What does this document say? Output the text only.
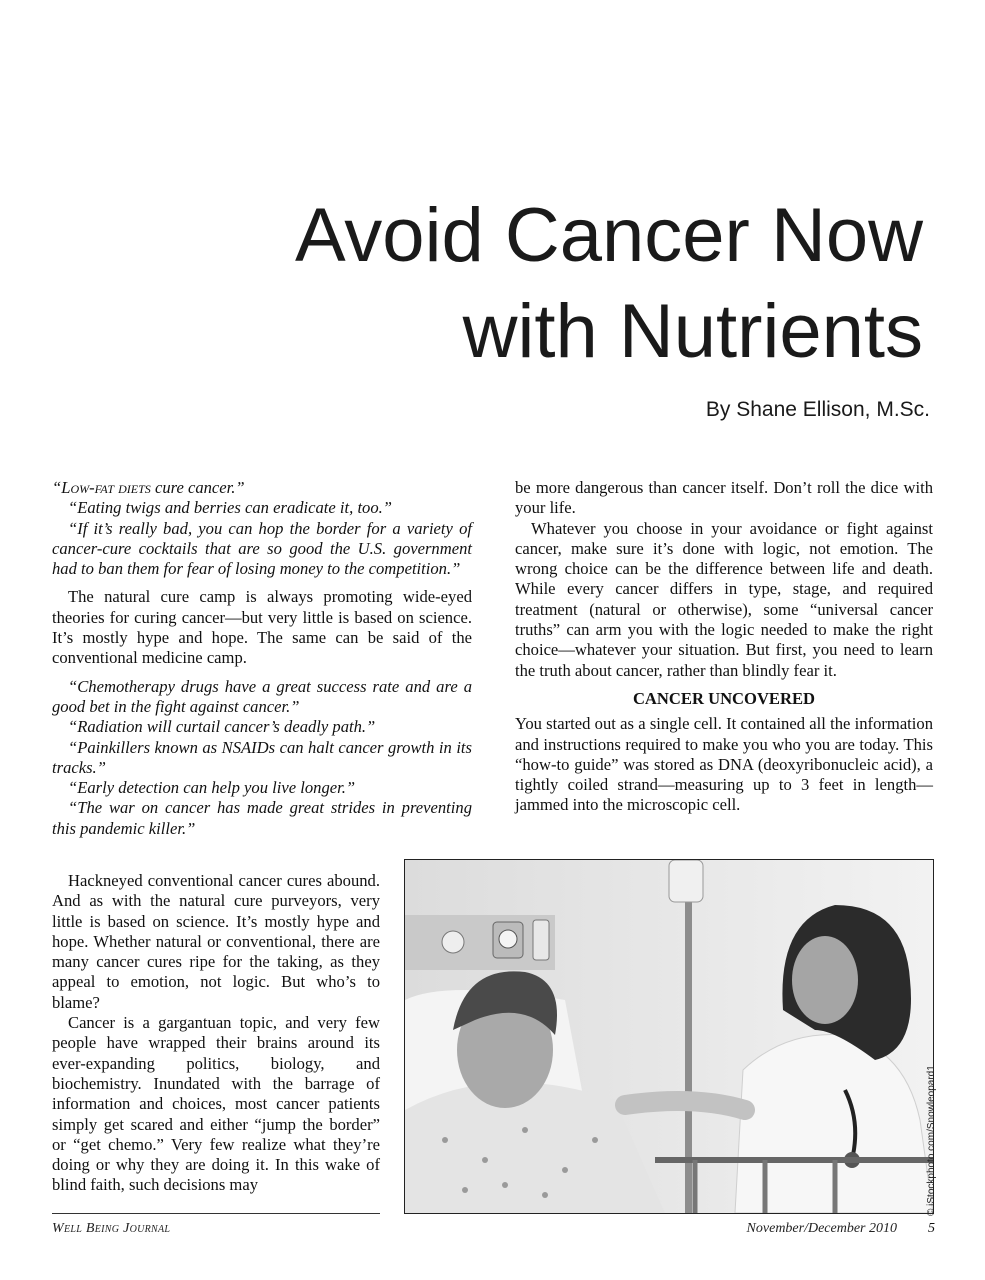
Avoid Cancer Now
with Nutrients
By Shane Ellison, M.Sc.

“Low-fat diets cure cancer.”

“Eating twigs and berries can eradicate it, too.”

“If it’s really bad, you can hop the border for a variety of cancer-cure cocktails that are so good the U.S. government had to ban them for fear of losing money to the competition.”

The natural cure camp is always promoting wide-eyed theories for curing cancer—but very little is based on science. It’s mostly hype and hope. The same can be said of the conventional medicine camp.

“Chemotherapy drugs have a great success rate and are a good bet in the fight against cancer.”

“Radiation will curtail cancer’s deadly path.”

“Painkillers known as NSAIDs can halt cancer growth in its tracks.”

“Early detection can help you live longer.”

“The war on cancer has made great strides in preventing this pandemic killer.”

Hackneyed conventional cancer cures abound. And as with the natural cure purveyors, very little is based on science. It’s mostly hype and hope. Whether natural or conventional, there are many cancer cures ripe for the taking, as they appeal to emotion, not logic. But who’s to blame?

Cancer is a gargantuan topic, and very few people have wrapped their brains around its ever-expanding politics, biology, and biochemistry. Inundated with the barrage of information and choices, most cancer patients simply get scared and either “jump the border” or “get chemo.” Very few realize what they’re doing or why they are doing it. In this wake of blind faith, such decisions may

be more dangerous than cancer itself. Don’t roll the dice with your life.

Whatever you choose in your avoidance or fight against cancer, make sure it’s done with logic, not emotion. The wrong choice can be the difference between life and death. While every cancer differs in type, stage, and required treatment (natural or otherwise), some “universal cancer truths” can arm you with the logic needed to make the right choice—whatever your situation. But first, you need to learn the truth about cancer, rather than blindly fear it.

CANCER UNCOVERED

You started out as a single cell. It contained all the information and instructions required to make you who you are today. This “how-to guide” was stored as DNA (deoxyribonucleic acid), a tightly coiled strand—measuring up to 3 feet in length—jammed into the microscopic cell.

© iStockphoto.com/Snowleopard1
Well Being Journal	November/December 2010 5
